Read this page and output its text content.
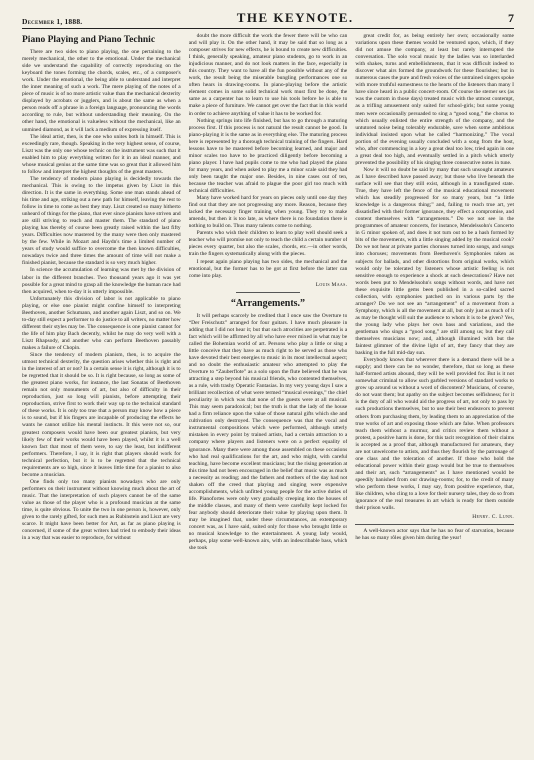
December 1, 1888.	THE KEYNOTE.	7
Piano Playing and Piano Technic

There are two sides to piano playing, the one pertaining to the merely mechanical, the other to the emotional. Under the mechanical side we understand the capability of correctly reproducing on the keyboard the tones forming the chords, scales, etc., of a composer's work. Under the emotional, the being able to understand and interpret the inner meaning of such a work. The mere playing of the notes of a piece of music is of no more artistic value than the mechanical dexterity displayed by acrobats or jugglers, and is about the same as when a person reads off a phrase in a foreign language, pronouncing the words according to rule, but without understanding their meaning. On the other hand, the emotional is valueless without the mechanical, like an unmined diamond, as it will lack a medium of expressing itself.

The ideal artist, then, is the one who unites both in himself. This is exceedingly rare, though. Speaking in the very highest sense, of course, Liszt was the only one whose technic on the instrument was such that it enabled him to play everything written for it in an ideal manner, and whose musical genius at the same time was so great that it allowed him to follow and interpret the highest thoughts of the great masters.

The tendency of modern piano playing is decidedly towards the mechanical. This is owing to the impetus given by Liszt in this direction. It is the same in everything. Some one man stands ahead of his time and age, striking out a new path for himself, leaving the rest to follow in time to come as best they may. Liszt created so many hitherto unheard of things for the piano, that ever since pianists have striven and are still striving to reach and master them. The standard of piano playing has thereby of course been greatly raised within the last fifty years. Difficulties now mastered by the many were then only mastered by the few. While in Mozart and Haydn's time a limited number of years of study would suffice to overcome the then known difficulties, nowadays twice and three times the amount of time will not make a finished pianist, because the standard is so very much higher.

In science the accumulation of learning was met by the division of labor in the different branches. Two thousand years ago it was yet possible for a great mind to grasp all the knowledge the human race had then acquired, when to-day it is utterly impossible.

Unfortunately this division of labor is not applicable to piano playing, or else one pianist might confine himself to interpreting Beethoven, another Schumann, and another again Liszt, and so on. We to-day still expect a performer to do justice to all writers, no matter how different their styles may be. The consequence is one pianist cannot for the life of him play Bach decently, whilst he may do very well with a Liszt Rhapsody, and another who can perform Beethoven passably makes a failure of Chopin.

Since the tendency of modern pianism, then, is to acquire the utmost technical dexterity, the question arises whether this is right and in the interest of art or not? In a certain sense it is right, although it is to be regretted that it should be so. It is right because, so long as some of the greatest piano works, for instance, the last Sonatas of Beethoven remain not only monuments of art, but also of difficulty in their reproduction, just so long will pianists, before attempting their reproduction, strive first to work their way up to the technical standard of these works. It is only too true that a person may know how a piece is to sound, but if his fingers are incapable of producing the effects he wants he cannot utilize his mental instincts. It this were not so, our greatest composers would have been our greatest pianists, but very likely few of their works would have been played, whilst it is a well known fact that most of them were, to say the least, but indifferent performers. Therefore, I say, it is right that players should work for technical perfection, but it is to be regretted that the technical requirements are so high, since it leaves little time for a pianist to also become a musician.

One finds only too many pianists nowadays who are only performers on their instrument without knowing much about the art of music. That the interpretation of such players cannot be of the same value as those of the player who is a profound musician at the same time, is quite obvious. To unite the two in one person is, however, only given to the rarely gifted, for such men as Rubinstein and Liszt are very scarce. It might have been better for Art, as far as piano playing is concerned, if some of the great writers had tried to embody their ideas in a way that was easier to reproduce, for without

doubt the more difficult the work the fewer there will be who can and will play it. On the other hand, it may be said that so long as a composer strives for new effects, he is bound to create new difficulties. I think, generally speaking, amateur piano students, go to work in an injudicious manner, and do not look matters in the face, especially in this country. They want to have all the fun possible without any of the work, the result being the miserable bungling performances one so often hears in drawing-rooms. In piano-playing before the artistic element comes in some solid technical work must first be done, the same as a carpenter has to learn to use his tools before he is able to make a piece of furniture. We cannot get over the fact that in this world in order to achieve anything of value it has to be worked for.

Nothing springs into life finished, but has to go through a maturing process first. If this process is not natural the result cannot be good. In piano-playing it is the same as in everything else. The maturing process here is represented by a thorough technical training of the fingers. Hard lessons have to be mastered before becoming learned, and major and minor scales too have to be practiced diligently before becoming a piano player. I have had pupils come to me who had played the piano for many years, and when asked to play me a minor scale said they had only been taught the major one. Besides, in nine cases out of ten, because the teacher was afraid to plague the poor girl too much with technical difficulties.

Many have worked hard for years on pieces only until one day they find out that they are not progressing any more. Reason, because they lacked the necessary finger training when young. They try to make amends, but then it is too late, as where there is no foundation there is nothing to build on. Thus many talents come to nothing.

Parents who wish their children to learn to play well should seek a teacher who will promise not only to teach the child a certain number of pieces every quarter, but also the scales, chords, etc.—in other words, train the fingers systematically along with the pieces.

I repeat again piano playing has two sides, the mechanical and the emotional, but the former has to be got at first before the latter can come into play.

Louis Maas.
“Arrangements.”

It will perhaps scarcely be credited that I once saw the Overture to “Der Freischutz” arranged for four guitars. I have much pleasure in adding that I did not hear it; but that such atrocities are perpetrated is a fact which will be affirmed by all who have ever mixed in what may be called the Bohemian world of art. Persons who play a little or sing a little conceive that they have as much right to be served as those who have devoted their best energies to music in its most intellectual aspect; and no doubt the enthusiastic amateur who attempted to play the Overture to “Zauberflote” as a solo upon the flute believed that he was attracting a step beyond his musical friends, who contented themselves, as a rule, with trashy Operatic Fantasias. In my very young days I saw a brilliant recollection of what were termed “musical evenings,” the chief peculiarity in which was that none of the guests were at all musical. This may seem paradoxical; but the truth is that the lady of the house had a firm reliance upon the value of those natural gifts which she and cultivation only destroyed. The consequence was that the vocal and instrumental compositions which were performed, although utterly mistaken in every point by trained artists, had a certain attraction to a company where players and listeners were on a perfect equality of ignorance. Many there were among those assembled on these occasions who had real qualifications for the art, and who might, with careful teaching, have become excellent musicians; but the rising generation at this time had not been encouraged in the belief that music was as much a necessity as reading; and the fathers and mothers of the day had not shaken off the creed that playing and singing were expensive accomplishments, which unfitted young people for the active duties of life. Pianofortes were only very gradually creeping into the houses of the middle classes, and many of them were carefully kept locked for fear anybody should deteriorate their value by playing upon them. It may be imagined that, under these circumstances, an extemporary concert was, as I have said, suited only for those who brought little or no musical knowledge to the entertainment. A young lady would, perhaps, play some well-known airs, with an indescribable bass, which she took

great credit for, as being entirely her own; occasionally some variations upon these themes would be ventured upon, which, if they did not amuse the company, at least but rarely interrupted the conversation. The solo vocal music by the ladies was so interlarded with shakes, turns and embellishments, that it was difficult indeed to discover what airs formed the groundwork for these flourishes; but in numerous cases the pure and fresh voices of the untrained singers spoke with more truthful earnestness to the hearts of the listeners than many I have since heard in a public concert-room. Of course the sterner sex (as was the custom in those days) treated music with the utmost contempt, as a trifling amusement only suited for school-girls; but some young men were occasionally persuaded to sing a “good song,” the chorus to which usually enlisted the entire strength of the company, and the untutored noise being tolerably endurable, save when some ambitious individual insisted upon what he called “harmonizing.” The vocal portion of the evening usually concluded with a song from the host, who, after commencing in a key a great deal too low, tried again in one a great deal too high, and eventually settled in a pitch which utterly prevented the possibility of his singing three consecutive notes in tune.

Now it will no doubt be said by many that such unsought amateurs as I have described have passed away; but those who live beneath the surface will see that they still exist, although in a transfigured state. True, they have left the fence of the musical educational movement which has steadily progressed for so many years, but “a little knowledge is a dangerous thing;” and, failing to reach true art, yet dissatisfied with their former ignorance, they effect a compromise, and content themselves with “arrangements.” Do we not see in the programmes of amateur concerts, for instance, Mendelssohn's Concerto in G minor spoken of, and does it not turn out to be a hash formed by bits of the movements, with a little singing added by the musical cook? Do we not hear at private parties choruses turned into songs, and songs into choruses; movements from Beethoven's Symphonies taken as subjects for ballads, and other distortions from original works, which would only be tolerated by listeners whose artistic feeling is not sensitive enough to experience a shock at such desecrations? Have not words been put to Mendelssohn's songs without words, and have not these exquisite little gems been published in a so-called sacred collection, with symphonies patched on in various parts by the arranger? Do we not see an “arrangement” of a movement from a Symphony, which is all the movement at all, but only just as much of it as may be thought will suit the audience to whom it is to be given? Yes, the young lady who plays her own bass and variations, and the gentleman who sings a “good song,” are still among us; but they call themselves musicians now; and, although illumined with but the faintest glimmer of the divine light of art, they fancy that they are basking in the full mid-day sun.

Everybody knows that wherever there is a demand there will be a supply; and there can be no wonder, therefore, that so long as these half-formed artists abound, they will be well provided for. But is it not somewhat criminal to allow such garbled versions of standard works to grow up around us without a word of discontent? Musicians, of course, do not want them; but apathy on the subject becomes selfishness; for it is the duty of all who would aid the progress of art, not only to pass by such productions themselves, but to use their best endeavors to prevent others from purchasing them, by leading them to an appreciation of the true works of art and exposing those which are false. When professors teach them without a murmur, and critics review them without a protest, a positive harm is done, for this tacit recognition of their claims is accepted as a proof that, although manufactured for amateurs, they are not unwelcome to artists, and thus they flourish by the patronage of one class and the toleration of another. If those who hold the educational power within their grasp would but be true to themselves and their art, such “arrangements” as I have mentioned would be speedily banished from our drawing-rooms; for, to the credit of many who perform these works, I may say, from positive experience, that, like children, who cling to a love for their nursery tales, they do so from ignorance of the real treasures in art which is ready for them outside their prison walls.

Henry. C. Lunn.

A well-known actor says that he has no fear of starvation, because he has so many rôles given him during the year!
